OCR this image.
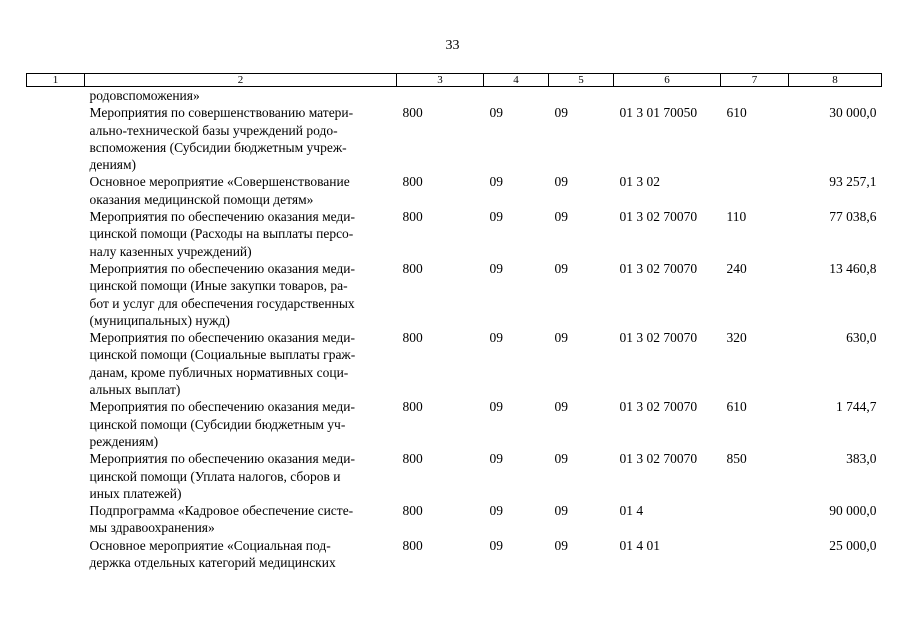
33
1	2	3	4	5	6	7	8

	родовспоможения»						

	Мероприятия по совершенствованию матери-
ально-технической базы учреждений родо-
вспоможения (Субсидии бюджетным учреж-
дениям)	800	09	09	01 3 01 70050	610	30 000,0

	Основное мероприятие «Совершенствование
оказания медицинской помощи детям»	800	09	09	01 3 02		93 257,1

	Мероприятия по обеспечению оказания меди-
цинской помощи (Расходы на выплаты персо-
налу казенных учреждений)	800	09	09	01 3 02 70070	110	77 038,6

	Мероприятия по обеспечению оказания меди-
цинской помощи (Иные закупки товаров, ра-
бот и услуг для обеспечения государственных
(муниципальных) нужд)	800	09	09	01 3 02 70070	240	13 460,8

	Мероприятия по обеспечению оказания меди-
цинской помощи (Социальные выплаты граж-
данам, кроме публичных нормативных соци-
альных выплат)	800	09	09	01 3 02 70070	320	630,0

	Мероприятия по обеспечению оказания меди-
цинской помощи (Субсидии бюджетным уч-
реждениям)	800	09	09	01 3 02 70070	610	1 744,7

	Мероприятия по обеспечению оказания меди-
цинской помощи (Уплата налогов, сборов и
иных платежей)	800	09	09	01 3 02 70070	850	383,0

	Подпрограмма «Кадровое обеспечение систе-
мы здравоохранения»	800	09	09	01 4		90 000,0

	Основное мероприятие «Социальная под-
держка отдельных категорий медицинских	800	09	09	01 4 01		25 000,0
